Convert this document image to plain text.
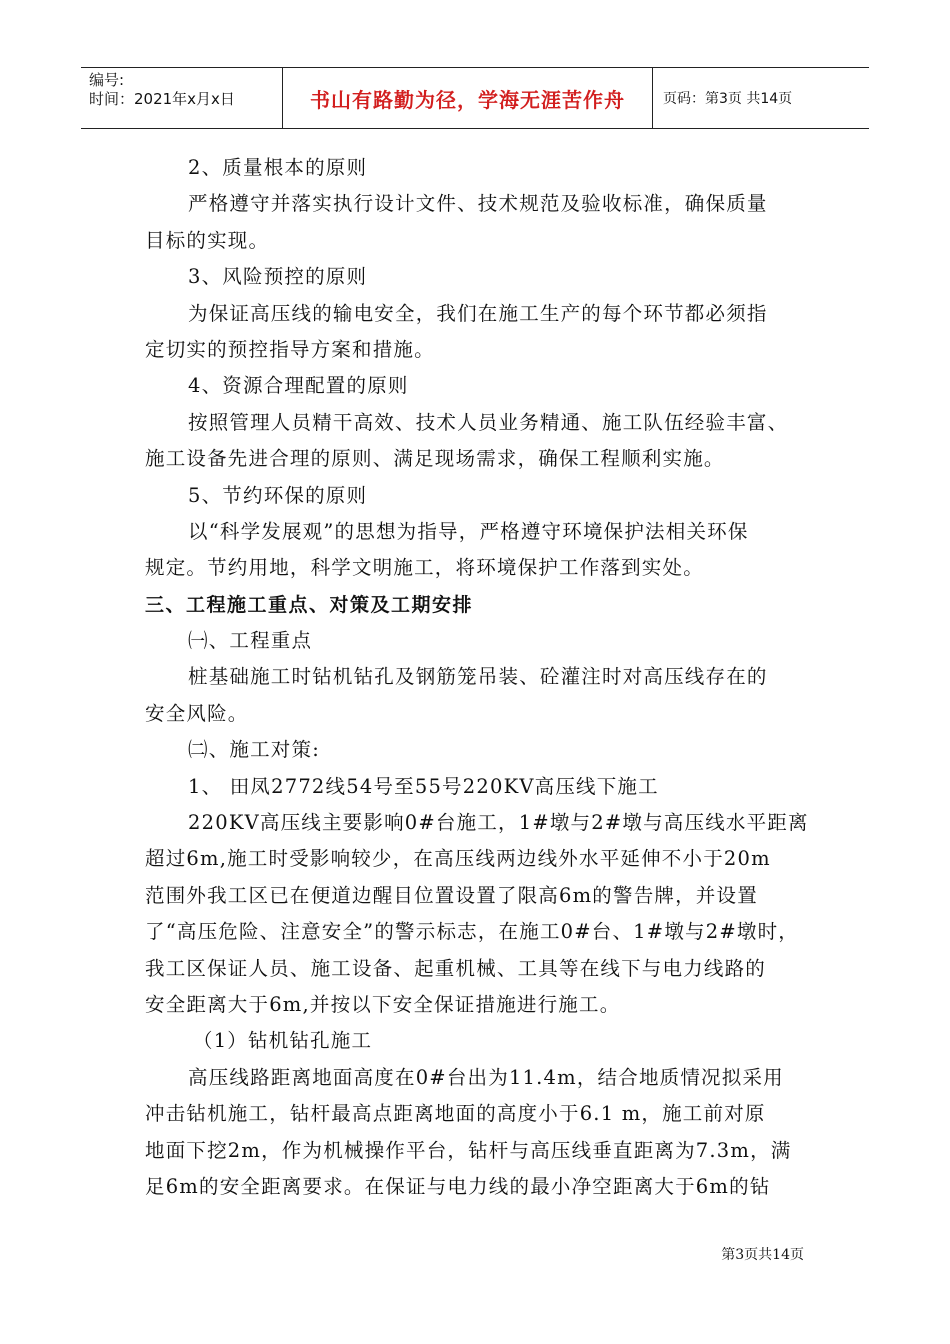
编号:
时间：2021年x月x日	书山有路勤为径，学海无涯苦作舟	页码：第3页 共14页
2、质量根本的原则
严格遵守并落实执行设计文件、技术规范及验收标准，确保质量
目标的实现。
3、风险预控的原则
为保证高压线的输电安全，我们在施工生产的每个环节都必须指
定切实的预控指导方案和措施。
4、资源合理配置的原则
按照管理人员精干高效、技术人员业务精通、施工队伍经验丰富、
施工设备先进合理的原则、满足现场需求，确保工程顺利实施。
5、节约环保的原则
以“科学发展观”的思想为指导，严格遵守环境保护法相关环保
规定。节约用地，科学文明施工，将环境保护工作落到实处。
三、工程施工重点、对策及工期安排
㈠、工程重点
桩基础施工时钻机钻孔及钢筋笼吊装、砼灌注时对高压线存在的
安全风险。
㈡、施工对策:
1、 田凤2772线54号至55号220KV高压线下施工
220KV高压线主要影响0#台施工，1#墩与2#墩与高压线水平距离
超过6m,施工时受影响较少，在高压线两边线外水平延伸不小于20m
范围外我工区已在便道边醒目位置设置了限高6m的警告牌，并设置
了“高压危险、注意安全”的警示标志，在施工0#台、1#墩与2#墩时，
我工区保证人员、施工设备、起重机械、工具等在线下与电力线路的
安全距离大于6m,并按以下安全保证措施进行施工。
（1）钻机钻孔施工
高压线路距离地面高度在0#台出为11.4m，结合地质情况拟采用
冲击钻机施工，钻杆最高点距离地面的高度小于6.1 m，施工前对原
地面下挖2m，作为机械操作平台，钻杆与高压线垂直距离为7.3m，满
足6m的安全距离要求。在保证与电力线的最小净空距离大于6m的钻
第3页共14页
